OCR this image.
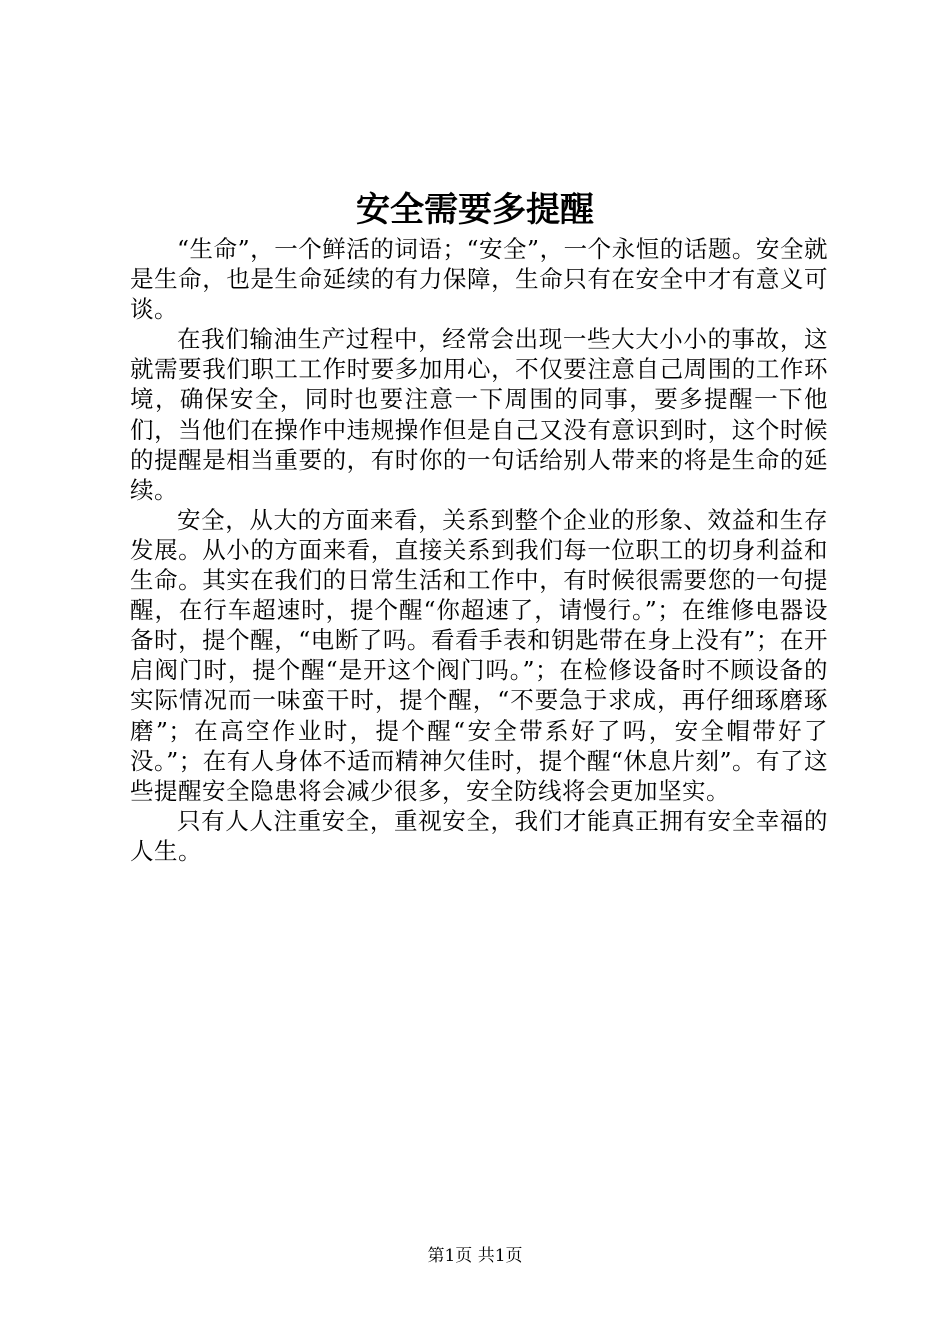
安全需要多提醒

“生命”，一个鲜活的词语；“安全”，一个永恒的话题。安全就是生命，也是生命延续的有力保障，生命只有在安全中才有意义可谈。

在我们输油生产过程中，经常会出现一些大大小小的事故，这就需要我们职工工作时要多加用心，不仅要注意自己周围的工作环境，确保安全，同时也要注意一下周围的同事，要多提醒一下他们，当他们在操作中违规操作但是自己又没有意识到时，这个时候的提醒是相当重要的，有时你的一句话给别人带来的将是生命的延续。

安全，从大的方面来看，关系到整个企业的形象、效益和生存发展。从小的方面来看，直接关系到我们每一位职工的切身利益和生命。其实在我们的日常生活和工作中，有时候很需要您的一句提醒，在行车超速时，提个醒“你超速了，请慢行。”；在维修电器设备时，提个醒，“电断了吗。看看手表和钥匙带在身上没有”；在开启阀门时，提个醒“是开这个阀门吗。”；在检修设备时不顾设备的实际情况而一味蛮干时，提个醒，“不要急于求成，再仔细琢磨琢磨”；在高空作业时，提个醒“安全带系好了吗，安全帽带好了没。”；在有人身体不适而精神欠佳时，提个醒“休息片刻”。有了这些提醒安全隐患将会减少很多，安全防线将会更加坚实。

只有人人注重安全，重视安全，我们才能真正拥有安全幸福的人生。

第1页 共1页
